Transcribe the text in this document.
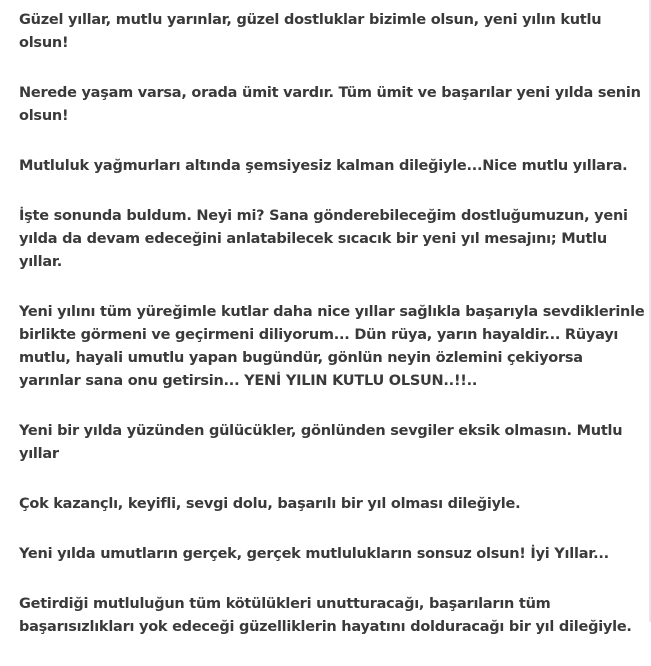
Güzel yıllar, mutlu yarınlar, güzel dostluklar bizimle olsun, yeni yılın kutlu olsun!

Nerede yaşam varsa, orada ümit vardır. Tüm ümit ve başarılar yeni yılda senin olsun!

Mutluluk yağmurları altında şemsiyesiz kalman dileğiyle...Nice mutlu yıllara.

İşte sonunda buldum. Neyi mi? Sana gönderebileceğim dostluğumuzun, yeni yılda da devam edeceğini anlatabilecek sıcacık bir yeni yıl mesajını; Mutlu yıllar.

Yeni yılını tüm yüreğimle kutlar daha nice yıllar sağlıkla başarıyla sevdiklerinle birlikte görmeni ve geçirmeni diliyorum... Dün rüya, yarın hayaldir... Rüyayı mutlu, hayali umutlu yapan bugündür, gönlün neyin özlemini çekiyorsa yarınlar sana onu getirsin... YENİ YILIN KUTLU OLSUN..!!..

Yeni bir yılda yüzünden gülücükler, gönlünden sevgiler eksik olmasın. Mutlu yıllar

Çok kazançlı, keyifli, sevgi dolu, başarılı bir yıl olması dileğiyle.

Yeni yılda umutların gerçek, gerçek mutlulukların sonsuz olsun! İyi Yıllar...

Getirdiği mutluluğun tüm kötülükleri unutturacağı, başarıların tüm başarısızlıkları yok edeceği güzelliklerin hayatını dolduracağı bir yıl dileğiyle.
